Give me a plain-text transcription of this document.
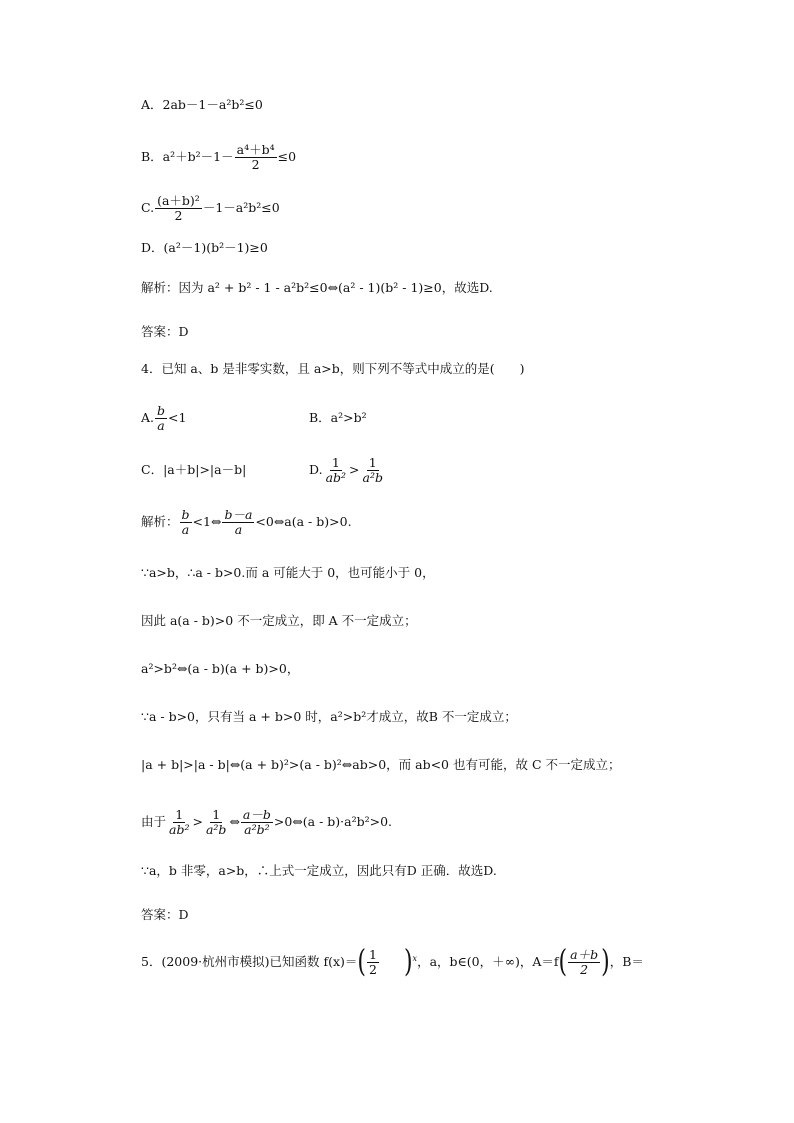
A．2ab－1－a²b²≤0
B．$a^2+b^2-1- \frac{\text{a⁴＋b⁴}}{2} \le 0$
C. $\frac{\text{(a＋b)²}}{2} -1-a^2b^2\le 0$
D．(a²－1)(b²－1)≥0
解析：因为 a² + b² - 1 - a²b²≤0⇔(a² - 1)(b² - 1)≥0，故选D.
答案：D
4．已知 a、b 是非零实数，且 a>b，则下列不等式中成立的是(　　)
A. $\frac{b}{a} <1$	B．a²>b²
C．|a＋b|>|a－b|	D. $\frac{1}{\text{ab²}} > \frac{1}{\text{a²b}}$
解析： $\frac{b}{a}$ <1⇔ $\frac{b-a}{a}$ <0⇔a(a - b)>0.
∵a>b，∴a - b>0.而 a 可能大于 0，也可能小于 0，
因此 a(a - b)>0 不一定成立，即 A 不一定成立；
a²>b²⇔(a - b)(a + b)>0，
∵a - b>0，只有当 a + b>0 时，a²>b²才成立，故B 不一定成立；
|a + b|>|a - b|⇔(a + b)²>(a - b)²⇔ab>0，而 ab<0 也有可能，故 C 不一定成立；
由于 $\frac{1}{\text{ab²}} > \frac{1}{\text{a²b}}$ ⇔ $\frac{a-b}{\text{a²b²}}$ >0⇔(a - b)·a²b²>0.
∵a，b 非零，a>b，∴上式一定成立，因此只有D 正确．故选D.
答案：D
5．(2009·杭州市模拟)已知函数 $f(x)=( \frac{1}{2} )^x$，a，b∈(0，＋∞)，$A=f( \frac{a+b}{2}$ )，B＝
